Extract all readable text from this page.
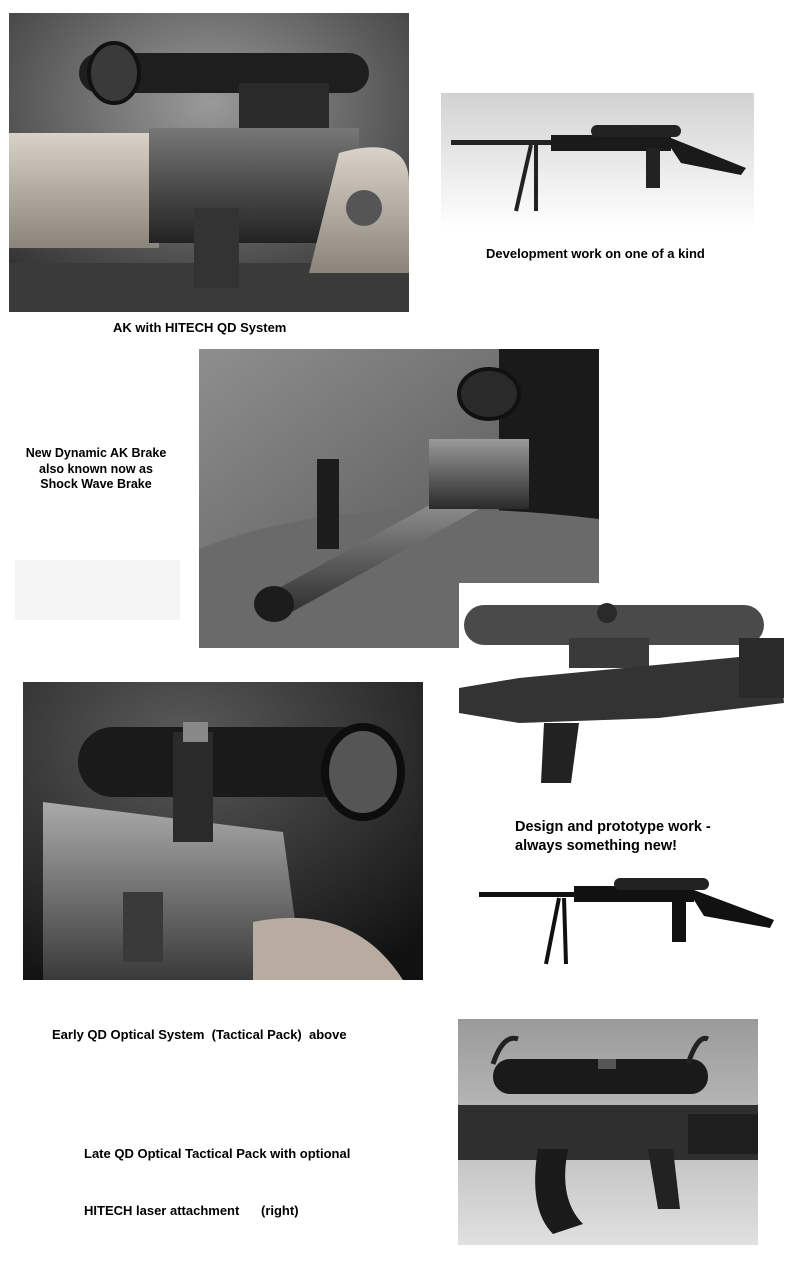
AK with HITECH QD System
Development work on one of a kind
New Dynamic AK Brake
also known now as
Shock Wave Brake
Design and prototype work -
always something new!
Early QD Optical System  (Tactical Pack)  above

Late QD Optical Tactical Pack with optional

HITECH laser attachment      (right)
